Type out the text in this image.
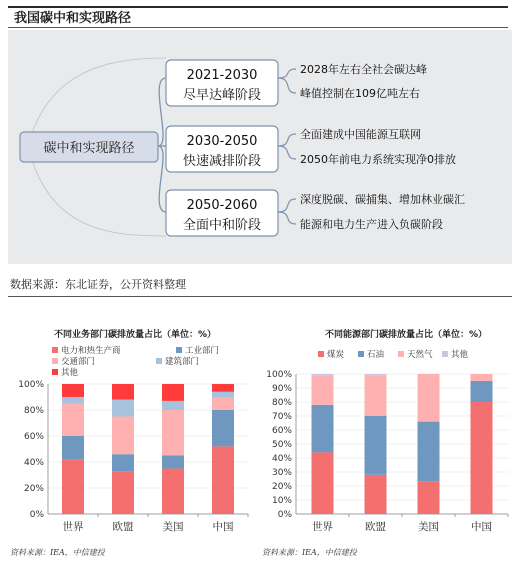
我国碳中和实现路径
碳中和实现路径
2021-2030
尽早达峰阶段
2028年左右全社会碳达峰
峰值控制在109亿吨左右
2030-2050
快速减排阶段
全面建成中国能源互联网
2050年前电力系统实现净0排放
2050-2060
全面中和阶段
深度脱碳、碳捕集、增加林业碳汇
能源和电力生产进入负碳阶段
数据来源：东北证券，公开资料整理
不同业务部门碳排放量占比（单位：%）
电力和热生产商	工业部门
交通部门	建筑部门
其他
0%
20%
40%
60%
80%
100%
世界	欧盟	美国	中国
资料来源：IEA，中信建投
不同能源部门碳排放量占比（单位：%）
煤炭	石油	天然气 其他
0%
10%
20%
30%
40%
50%
60%
70%
80%
90%
100%
世界	欧盟	美国	中国
资料来源：IEA，中信建投
